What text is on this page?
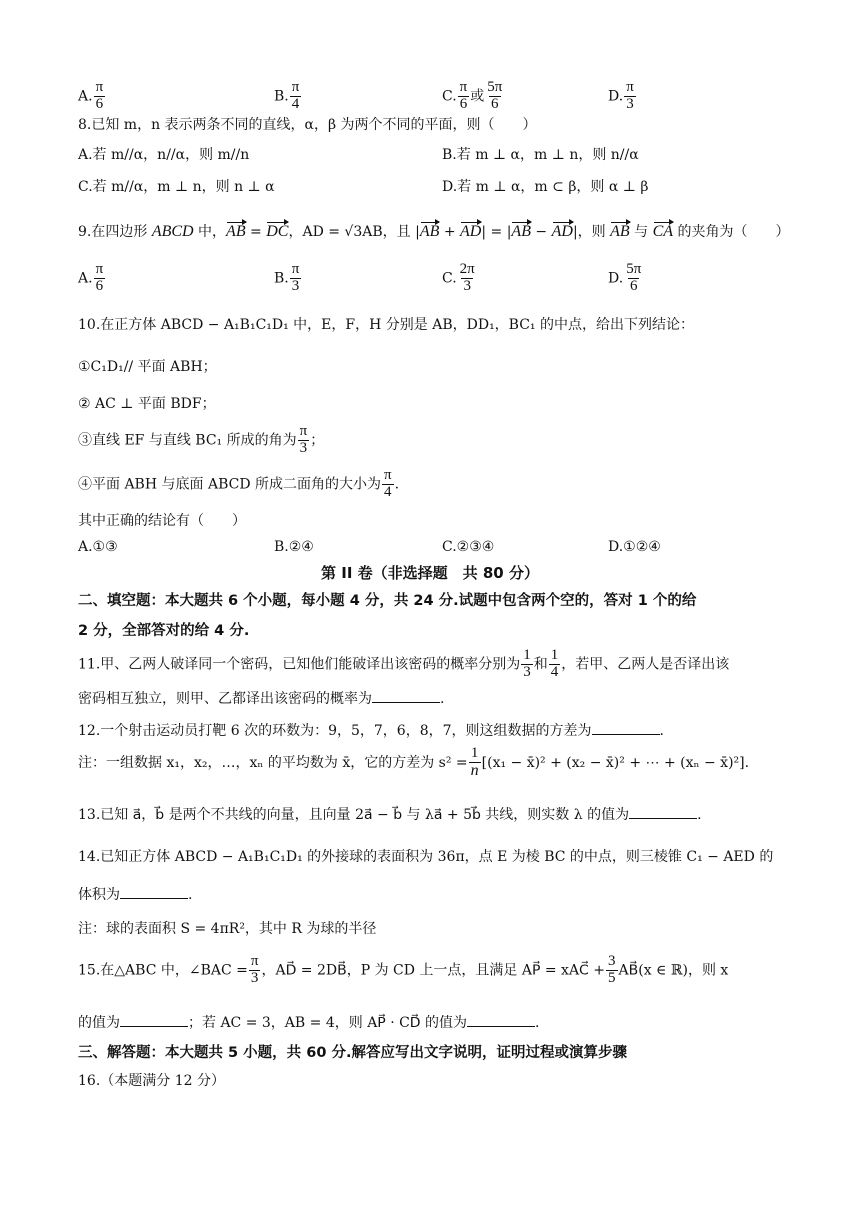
A. $\frac{\pi}{6}$	B. $\frac{\pi}{4}$	C. $\frac{\pi}{6}$ 或 $\frac{5\pi}{6}$	D. $\frac{\pi}{3}$
8.已知 m，n 表示两条不同的直线，α，β 为两个不同的平面，则（　　）
A.若 m//α，n//α，则 m//n	B.若 m ⊥ α，m ⊥ n，则 n//α
C.若 m//α，m ⊥ n，则 n ⊥ α	D.若 m ⊥ α，m ⊂ β，则 α ⊥ β
9.在四边形 ABCD 中，AB = DC，AD = √3AB，且 |AB + AD| = |AB − AD|，则 AB 与 CA 的夹角为（　　）
A. $\frac{\pi}{6}$	B. $\frac{\pi}{3}$	C. $\frac{2\pi}{3}$	D. $\frac{5\pi}{6}$
10.在正方体 ABCD − A₁B₁C₁D₁ 中，E，F，H 分别是 AB，DD₁，BC₁ 的中点，给出下列结论：
①C₁D₁// 平面 ABH；
② AC ⊥ 平面 BDF；
③直线 EF 与直线 BC₁ 所成的角为 $\frac{\pi}{3}$ ；
④平面 ABH 与底面 ABCD 所成二面角的大小为 $\frac{\pi}{4}$ .
其中正确的结论有（　　）
A.①③	B.②④	C.②③④	D.①②④
第 II 卷（非选择题　共 80 分）
二、填空题：本大题共 6 个小题，每小题 4 分，共 24 分.试题中包含两个空的，答对 1 个的给
2 分，全部答对的给 4 分.
11.甲、乙两人破译同一个密码，已知他们能破译出该密码的概率分别为 $\frac{1}{3}$ 和 $\frac{1}{4}$ ，若甲、乙两人是否译出该
密码相互独立，则甲、乙都译出该密码的概率为	.
12.一个射击运动员打靶 6 次的环数为：9，5，7，6，8，7，则这组数据的方差为	.
注：一组数据 x₁，x₂，…，xₙ 的平均数为 x̄，它的方差为 $s^2 = \frac{1}{n} [(x_1$ − x̄)² + (x₂ − x̄)² + ⋯ + (xₙ − x̄)²].
13.已知 a⃗，b⃗ 是两个不共线的向量，且向量 2a⃗ − b⃗ 与 λa⃗ + 5b⃗ 共线，则实数 λ 的值为	.
14.已知正方体 ABCD − A₁B₁C₁D₁ 的外接球的表面积为 36π，点 E 为棱 BC 的中点，则三棱锥 C₁ − AED 的
体积为	.
注：球的表面积 S = 4πR²，其中 R 为球的半径
15.在△ABC 中，∠BAC = $\frac{\pi}{3}$ ，AD⃗ = 2DB⃗，P 为 CD 上一点，且满足 AP⃗ = xAC⃗ + $\frac{3}{5}$ AB⃗(x ∈ ℝ)，则 x
的值为	；若 AC = 3，AB = 4，则 AP⃗ · CD⃗ 的值为	.
三、解答题：本大题共 5 小题，共 60 分.解答应写出文字说明，证明过程或演算步骤
16.（本题满分 12 分）
